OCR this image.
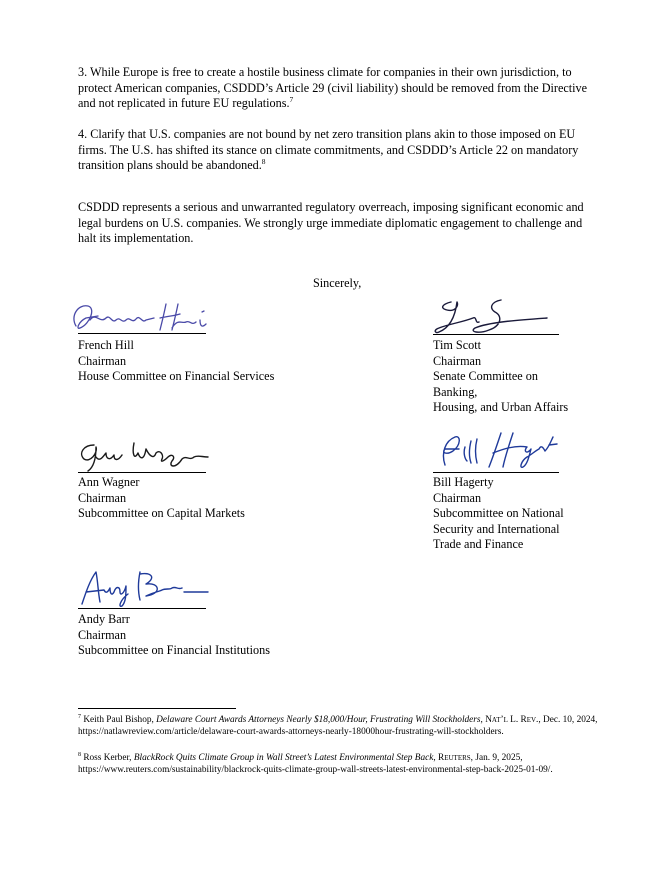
3. While Europe is free to create a hostile business climate for companies in their own jurisdiction, to protect American companies, CSDDD’s Article 29 (civil liability) should be removed from the Directive and not replicated in future EU regulations.$^7$

4. Clarify that U.S. companies are not bound by net zero transition plans akin to those imposed on EU firms. The U.S. has shifted its stance on climate commitments, and CSDDD’s Article 22 on mandatory transition plans should be abandoned.$^8$

CSDDD represents a serious and unwarranted regulatory overreach, imposing significant economic and legal burdens on U.S. companies. We strongly urge immediate diplomatic engagement to challenge and halt its implementation.

Sincerely,
French Hill
Chairman
House Committee on Financial Services
Tim Scott
Chairman
Senate Committee on
Banking,
Housing, and Urban Affairs
Ann Wagner
Chairman
Subcommittee on Capital Markets
Bill Hagerty
Chairman
Subcommittee on National
Security and International
Trade and Finance
Andy Barr
Chairman
Subcommittee on Financial Institutions

$^7$ Keith Paul Bishop, Delaware Court Awards Attorneys Nearly $18,000/Hour, Frustrating Will Stockholders, Nat’l L. Rev., Dec. 10, 2024, https://natlawreview.com/article/delaware-court-awards-attorneys-nearly-18000hour-frustrating-will-stockholders.

$^8$ Ross Kerber, BlackRock Quits Climate Group in Wall Street’s Latest Environmental Step Back, Reuters, Jan. 9, 2025, https://www.reuters.com/sustainability/blackrock-quits-climate-group-wall-streets-latest-environmental-step-back-2025-01-09/.
